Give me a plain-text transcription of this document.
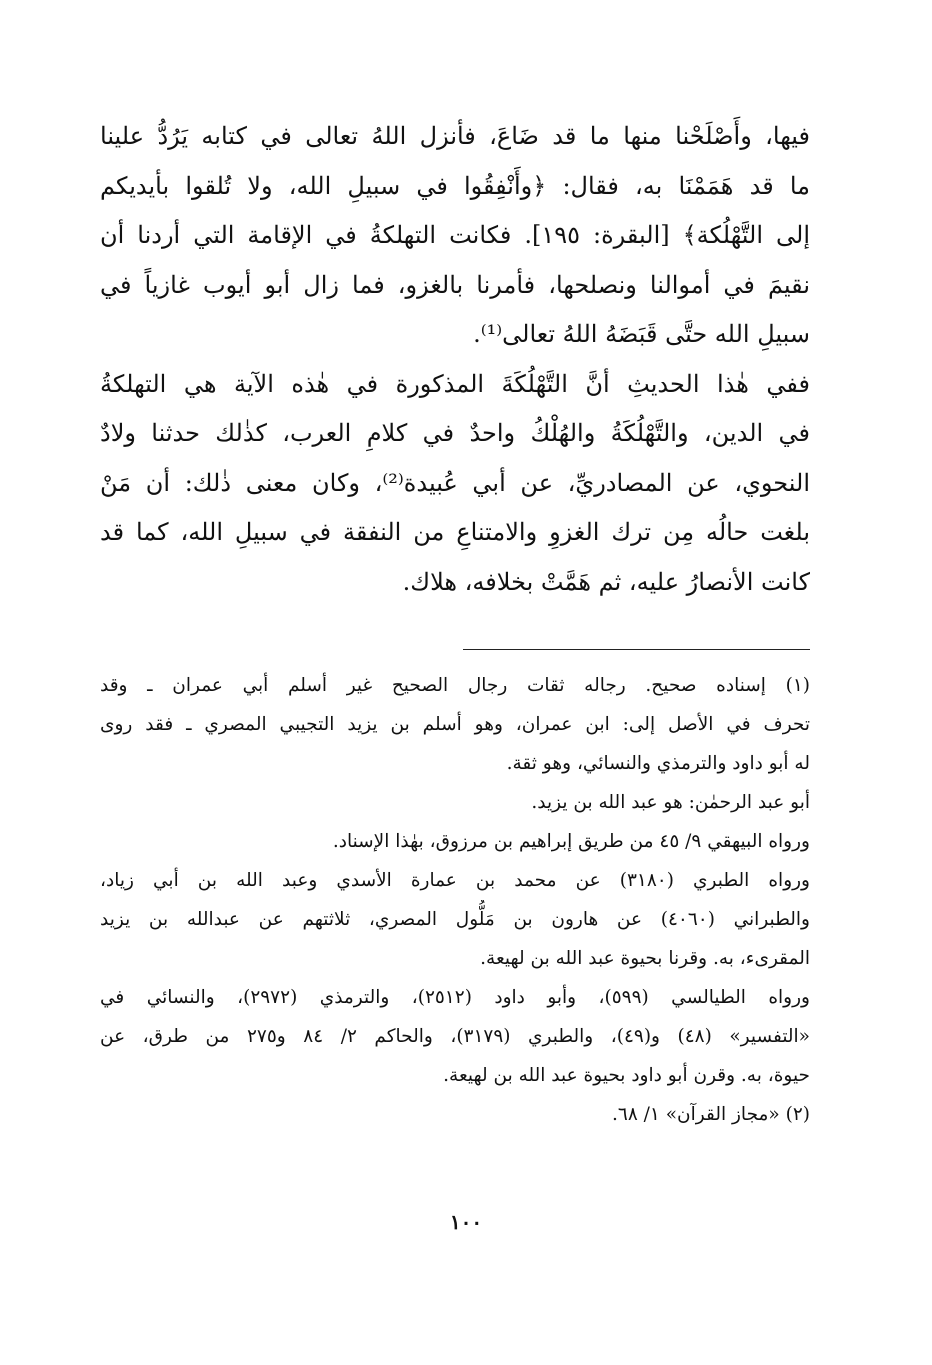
فيها، وأَصْلَحْنا منها ما قد ضَاعَ، فأنزل اللهُ تعالى في كتابه يَرُدُّ علينا
ما قد هَمَمْنَا به، فقال: ﴿وأَنْفِقُوا في سبيلِ الله، ولا تُلقوا بأيديكم
إلى التَّهْلُكة﴾ [البقرة: ١٩٥]. فكانت التهلكةُ في الإقامة التي أردنا أن
نقيمَ في أموالنا ونصلحها، فأمرنا بالغزو، فما زال أبو أيوب غازياً في
سبيلِ الله حتَّى قَبَضَهُ اللهُ تعالى⁽¹⁾.
ففي هٰذا الحديثِ أنَّ التَّهْلُكَةَ المذكورة في هٰذه الآية هي التهلكةُ
في الدين، والتَّهْلُكَةُ والهُلْكُ واحدٌ في كلامِ العرب، كذٰلك حدثنا ولادٌ
النحوي، عن المصادريِّ، عن أبي عُبيدة⁽²⁾، وكان معنى ذٰلك: أن مَنْ
بلغت حالُه مِن ترك الغزوِ والامتناعِ من النفقة في سبيلِ الله، كما قد
كانت الأنصارُ عليه، ثم هَمَّتْ بخلافه، هلاك.
(١) إسناده صحيح. رجاله ثقات رجال الصحيح غير أسلم أبي عمران ـ وقد
تحرف في الأصل إلى: ابن عمران، وهو أسلم بن يزيد التجيبي المصري ـ فقد روى
له أبو داود والترمذي والنسائي، وهو ثقة.
أبو عبد الرحمٰن: هو عبد الله بن يزيد.
ورواه البيهقي ٩/ ٤٥ من طريق إبراهيم بن مرزوق، بهٰذا الإسناد.
ورواه الطبري (٣١٨٠) عن محمد بن عمارة الأسدي وعبد الله بن أبي زياد،
والطبراني (٤٠٦٠) عن هارون بن مَلُّول المصري، ثلاثتهم عن عبدالله بن يزيد
المقرىء، به. وقرنا بحيوة عبد الله بن لهيعة.
ورواه الطيالسي (٥٩٩)، وأبو داود (٢٥١٢)، والترمذي (٢٩٧٢)، والنسائي في
«التفسير» (٤٨) و(٤٩)، والطبري (٣١٧٩)، والحاكم ٢/ ٨٤ و٢٧٥ من طرق، عن
حيوة، به. وقرن أبو داود بحيوة عبد الله بن لهيعة.
(٢) «مجاز القرآن» ١/ ٦٨.
١٠٠
